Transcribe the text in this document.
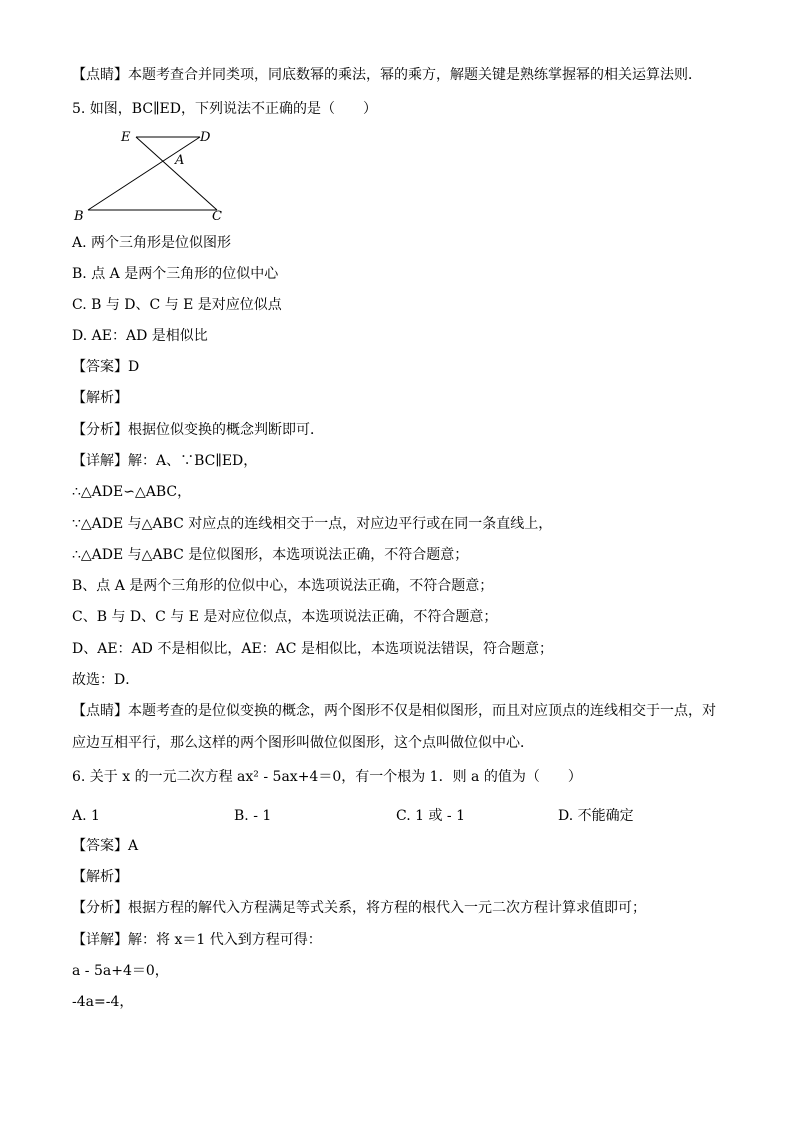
【点睛】本题考查合并同类项，同底数幂的乘法，幂的乘方，解题关键是熟练掌握幂的相关运算法则．
5. 如图，BC∥ED，下列说法不正确的是（　　）
E	D
A
B	C
A. 两个三角形是位似图形
B. 点 A 是两个三角形的位似中心
C. B 与 D、C 与 E 是对应位似点
D. AE：AD 是相似比
【答案】D
【解析】
【分析】根据位似变换的概念判断即可．
【详解】解：A、∵BC∥ED，
∴△ADE∽△ABC，
∵△ADE 与△ABC 对应点的连线相交于一点，对应边平行或在同一条直线上，
∴△ADE 与△ABC 是位似图形，本选项说法正确，不符合题意；
B、点 A 是两个三角形的位似中心，本选项说法正确，不符合题意；
C、B 与 D、C 与 E 是对应位似点，本选项说法正确，不符合题意；
D、AE：AD 不是相似比，AE：AC 是相似比，本选项说法错误，符合题意；
故选：D．
【点睛】本题考查的是位似变换的概念，两个图形不仅是相似图形，而且对应顶点的连线相交于一点，对
应边互相平行，那么这样的两个图形叫做位似图形，这个点叫做位似中心．
6. 关于 x 的一元二次方程 ax² - 5ax+4＝0，有一个根为 1．则 a 的值为（　　）
A. 1	B. - 1	C. 1 或 - 1	D. 不能确定
【答案】A
【解析】
【分析】根据方程的解代入方程满足等式关系，将方程的根代入一元二次方程计算求值即可；
【详解】解：将 x＝1 代入到方程可得：
a - 5a+4＝0，
-4a=-4，
